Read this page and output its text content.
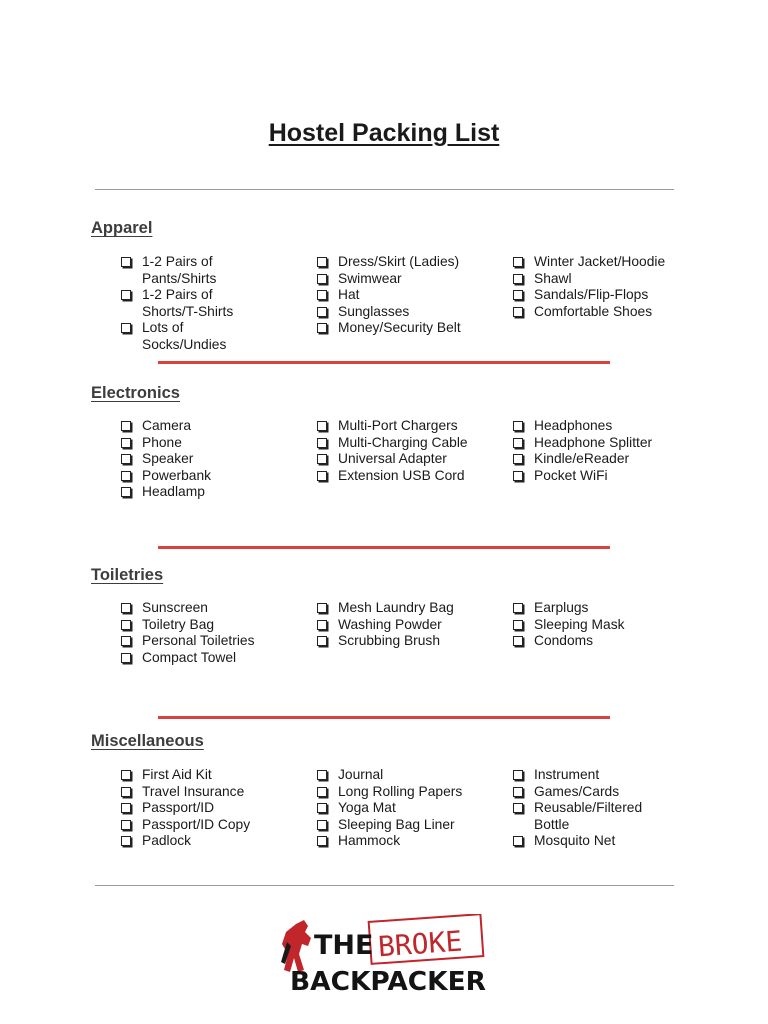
Hostel Packing List
Apparel
1-2 Pairs of Pants/Shirts
1-2 Pairs of Shorts/T-Shirts
Lots of Socks/Undies
Dress/Skirt (Ladies)
Swimwear
Hat
Sunglasses
Money/Security Belt
Winter Jacket/Hoodie
Shawl
Sandals/Flip-Flops
Comfortable Shoes
Electronics
Camera
Phone
Speaker
Powerbank
Headlamp
Multi-Port Chargers
Multi-Charging Cable
Universal Adapter
Extension USB Cord
Headphones
Headphone Splitter
Kindle/eReader
Pocket WiFi
Toiletries
Sunscreen
Toiletry Bag
Personal Toiletries
Compact Towel
Mesh Laundry Bag
Washing Powder
Scrubbing Brush
Earplugs
Sleeping Mask
Condoms
Miscellaneous
First Aid Kit
Travel Insurance
Passport/ID
Passport/ID Copy
Padlock
Journal
Long Rolling Papers
Yoga Mat
Sleeping Bag Liner
Hammock
Instrument
Games/Cards
Reusable/Filtered Bottle
Mosquito Net
THE BROKE
BACKPACKER
